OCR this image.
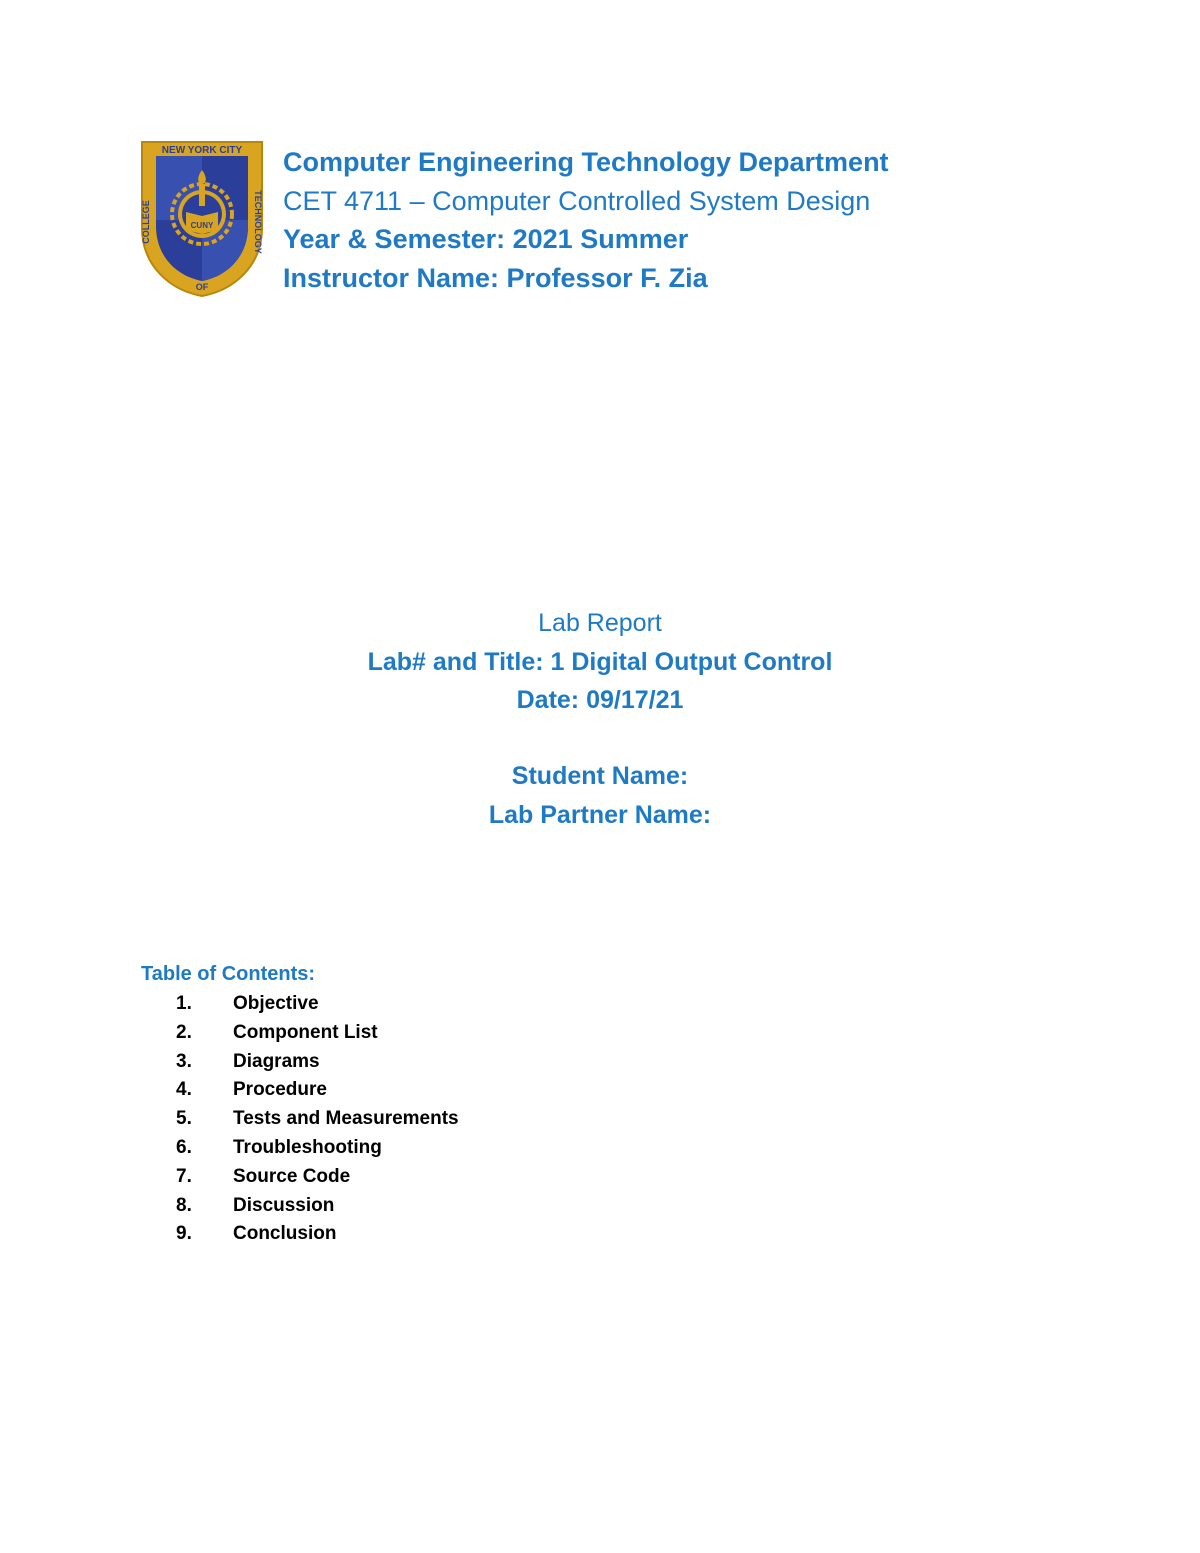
NEW YORK CITY
COLLEGE	TECHNOLOGY
OF
CUNY
Computer Engineering Technology Department
CET 4711 – Computer Controlled System Design
Year & Semester: 2021 Summer
Instructor Name: Professor F. Zia
Lab Report
Lab# and Title: 1 Digital Output Control
Date: 09/17/21
Student Name:
Lab Partner Name:
Table of Contents:
1. Objective
2. Component List
3. Diagrams
4. Procedure
5. Tests and Measurements
6. Troubleshooting
7. Source Code
8. Discussion
9. Conclusion
